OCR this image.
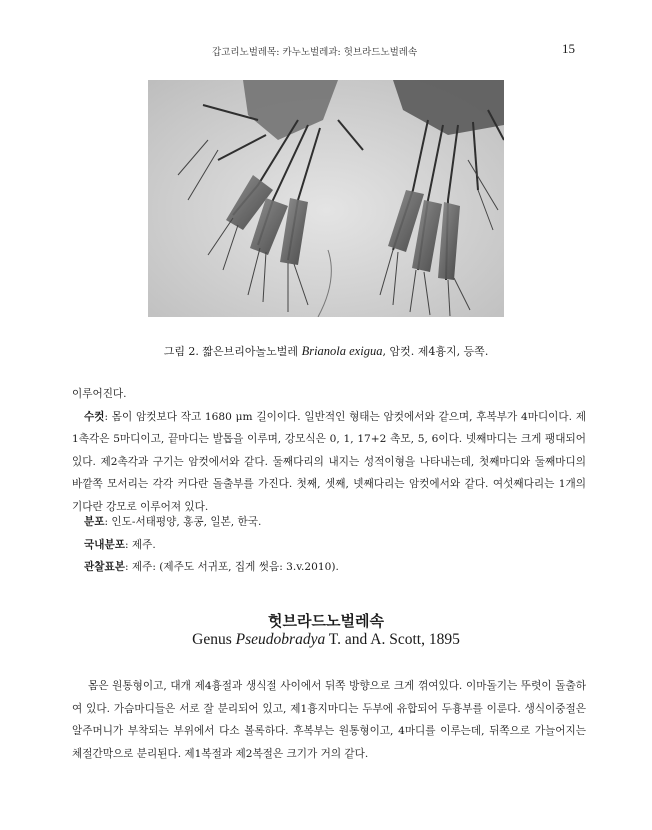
갑고리노벌레목: 카누노벌레과: 헛브라드노벌레속	15
그림 2. 짧은브리아놀노벌레 Brianola exigua, 암컷. 제4흉지, 등쪽.
이루어진다.
수컷: 몸이 암컷보다 작고 1680 μm 길이이다. 일반적인 형태는 암컷에서와 같으며, 후복부가 4마디이다. 제1촉각은 5마디이고, 끝마디는 발톱을 이루며, 강모식은 0, 1, 17+2 촉모, 5, 6이다. 넷째마디는 크게 팽대되어 있다. 제2촉각과 구기는 암컷에서와 같다. 둘째다리의 내지는 성적이형을 나타내는데, 첫째마디와 둘째마디의 바깥쪽 모서리는 각각 커다란 돌출부를 가진다. 첫째, 셋째, 넷째다리는 암컷에서와 같다. 여섯째다리는 1개의 기다란 강모로 이루어져 있다.
분포: 인도-서태평양, 홍콩, 일본, 한국.
국내분포: 제주.
관찰표본: 제주: (제주도 서귀포, 집게 썻음: 3.v.2010).
헛브라드노벌레속
Genus Pseudobradya T. and A. Scott, 1895
몸은 원통형이고, 대개 제4흉절과 생식절 사이에서 뒤쪽 방향으로 크게 꺾여있다. 이마돌기는 뚜렷이 돌출하여 있다. 가슴마디들은 서로 잘 분리되어 있고, 제1흉지마디는 두부에 유합되어 두흉부를 이룬다. 생식이중절은 알주머니가 부착되는 부위에서 다소 볼록하다. 후복부는 원통형이고, 4마디를 이루는데, 뒤쪽으로 가늘어지는 체절간막으로 분리된다. 제1복절과 제2복절은 크기가 거의 같다.
